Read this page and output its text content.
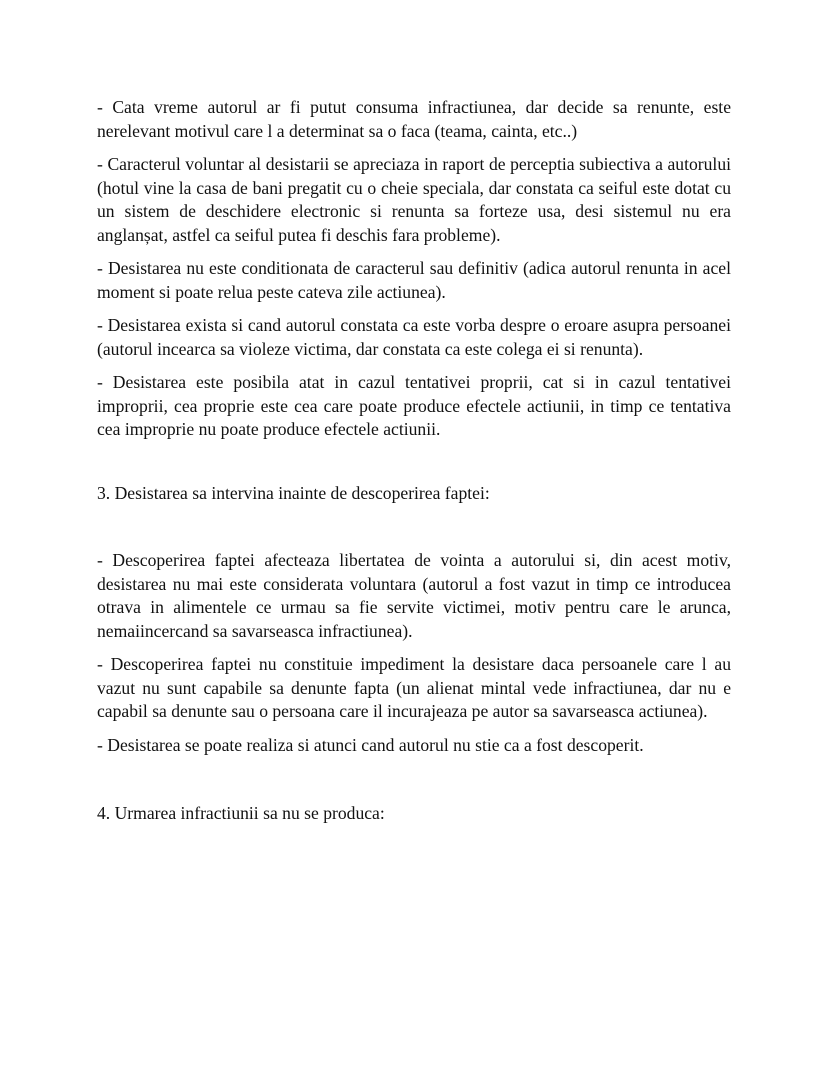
- Cata vreme autorul ar fi putut consuma infractiunea, dar decide sa renunte, este nerelevant motivul care l a determinat sa o faca (teama, cainta, etc..)

- Caracterul voluntar al desistarii se apreciaza in raport de perceptia subiectiva a autorului (hotul vine la casa de bani pregatit cu o cheie speciala, dar constata ca seiful este dotat cu un sistem de deschidere electronic si renunta sa forteze usa, desi sistemul nu era anglanșat, astfel ca seiful putea fi deschis fara probleme).

- Desistarea nu este conditionata de caracterul sau definitiv (adica autorul renunta in acel moment si poate relua peste cateva zile actiunea).

- Desistarea exista si cand autorul constata ca este vorba despre o eroare asupra persoanei (autorul incearca sa violeze victima, dar constata ca este colega ei si renunta).

- Desistarea este posibila atat in cazul tentativei proprii, cat si in cazul tentativei improprii, cea proprie este cea care poate produce efectele actiunii, in timp ce tentativa cea improprie nu poate produce efectele actiunii.

3. Desistarea sa intervina inainte de descoperirea faptei:

- Descoperirea faptei afecteaza libertatea de vointa a autorului si, din acest motiv, desistarea nu mai este considerata voluntara (autorul a fost vazut in timp ce introducea otrava in alimentele ce urmau sa fie servite victimei, motiv pentru care le arunca, nemaiincercand sa savarseasca infractiunea).

- Descoperirea faptei nu constituie impediment la desistare daca persoanele care l au vazut nu sunt capabile sa denunte fapta (un alienat mintal vede infractiunea, dar nu e capabil sa denunte sau o persoana care il incurajeaza pe autor sa savarseasca actiunea).

- Desistarea se poate realiza si atunci cand autorul nu stie ca a fost descoperit.

4. Urmarea infractiunii sa nu se produca:
